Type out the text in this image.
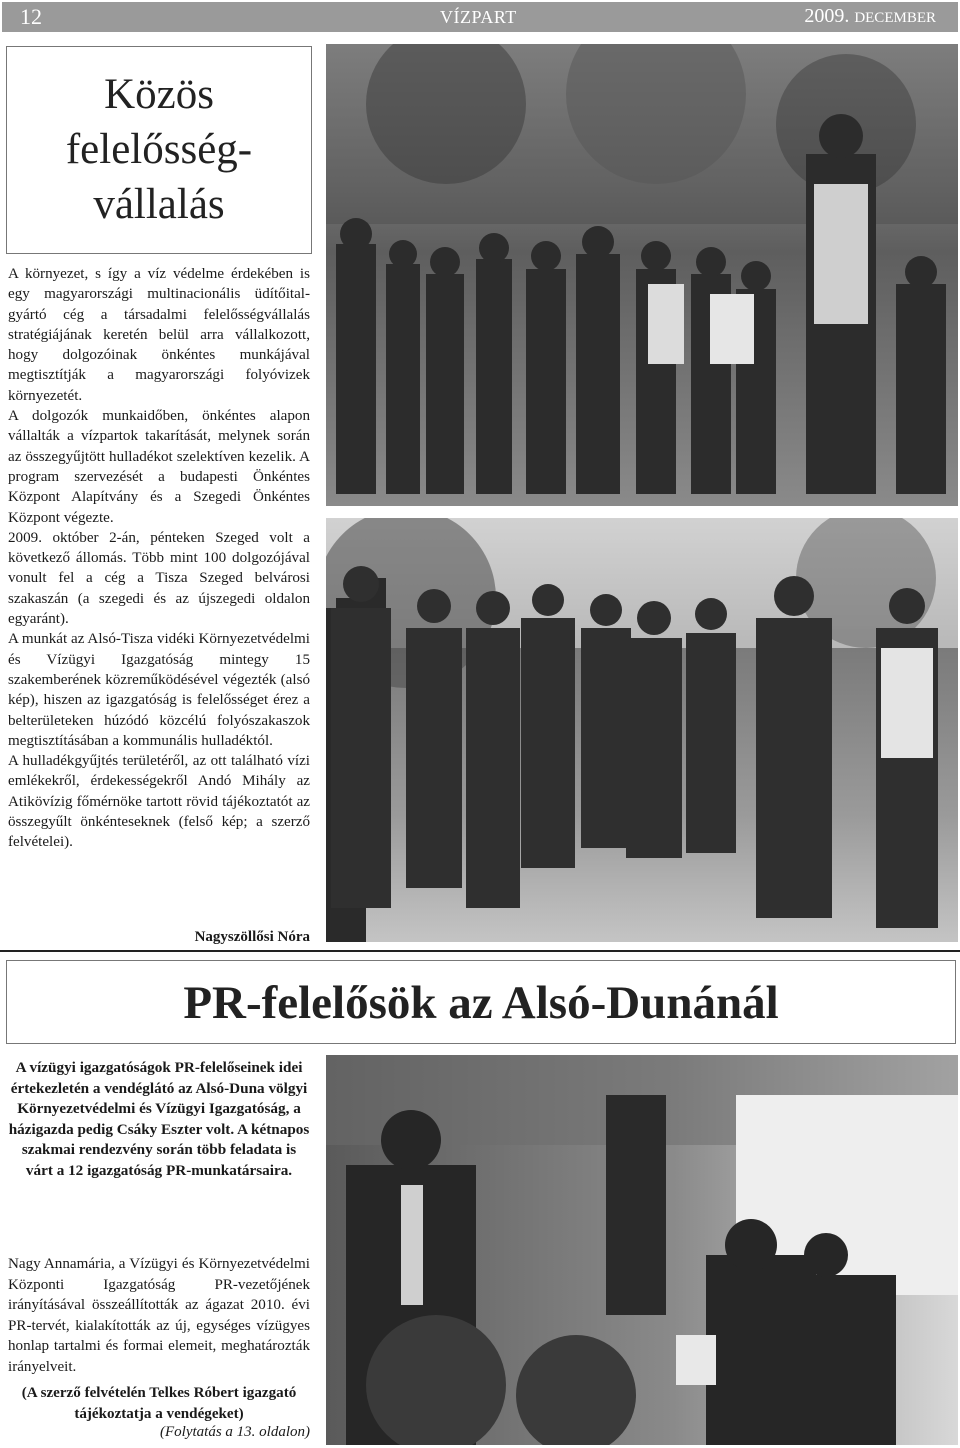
12	VÍZPART	2009. DECEMBER
Közös
felelősség-
vállalás

A környezet, s így a víz védelme érdekében is egy magyarországi multinacionális üdítőital-gyártó cég a társadalmi felelősségvállalás stratégiájának keretén belül arra vállalkozott, hogy dolgozóinak önkéntes munkájával megtisztítják a magyarországi folyóvizek környezetét.

A dolgozók munkaidőben, önkéntes alapon vállalták a vízpartok takarítását, melynek során az összegyűjtött hulladékot szelektíven kezelik. A program szervezését a budapesti Önkéntes Központ Alapítvány és a Szegedi Önkéntes Központ végezte.

2009. október 2-án, pénteken Szeged volt a következő állomás. Több mint 100 dolgozójával vonult fel a cég a Tisza Szeged belvárosi szakaszán (a szegedi és az újszegedi oldalon egyaránt).

A munkát az Alsó-Tisza vidéki Környezetvédelmi és Vízügyi Igazgatóság mintegy 15 szakemberének közreműködésével végezték (alsó kép), hiszen az igazgatóság is felelősséget érez a belterületeken húzódó közcélú folyószakaszok megtisztításában a kommunális hulladéktól.

A hulladékgyűjtés területéről, az ott található vízi emlékekről, érdekességekről Andó Mihály az Atikövízig főmérnöke tartott rövid tájékoztatót az összegyűlt önkénteseknek (felső kép; a szerző felvételei).

Nagyszöllősi Nóra
PR-felelősök az Alsó-Dunánál
A vízügyi igazgatóságok PR-felelőseinek idei értekezletén a vendéglátó az Alsó-Duna völgyi Környezetvédelmi és Vízügyi Igazgatóság, a házigazda pedig Csáky Eszter volt. A kétnapos szakmai rendezvény során több feladata is várt a 12 igazgatóság PR-munkatársaira.
Nagy Annamária, a Vízügyi és Környezetvédelmi Központi Igazgatóság PR-vezetőjének irányításával összeállították az ágazat 2010. évi PR-tervét, kialakították az új, egységes vízügyes honlap tartalmi és formai elemeit, meghatározták irányelveit.
(A szerző felvételén Telkes Róbert igazgató tájékoztatja a vendégeket)
(Folytatás a 13. oldalon)
